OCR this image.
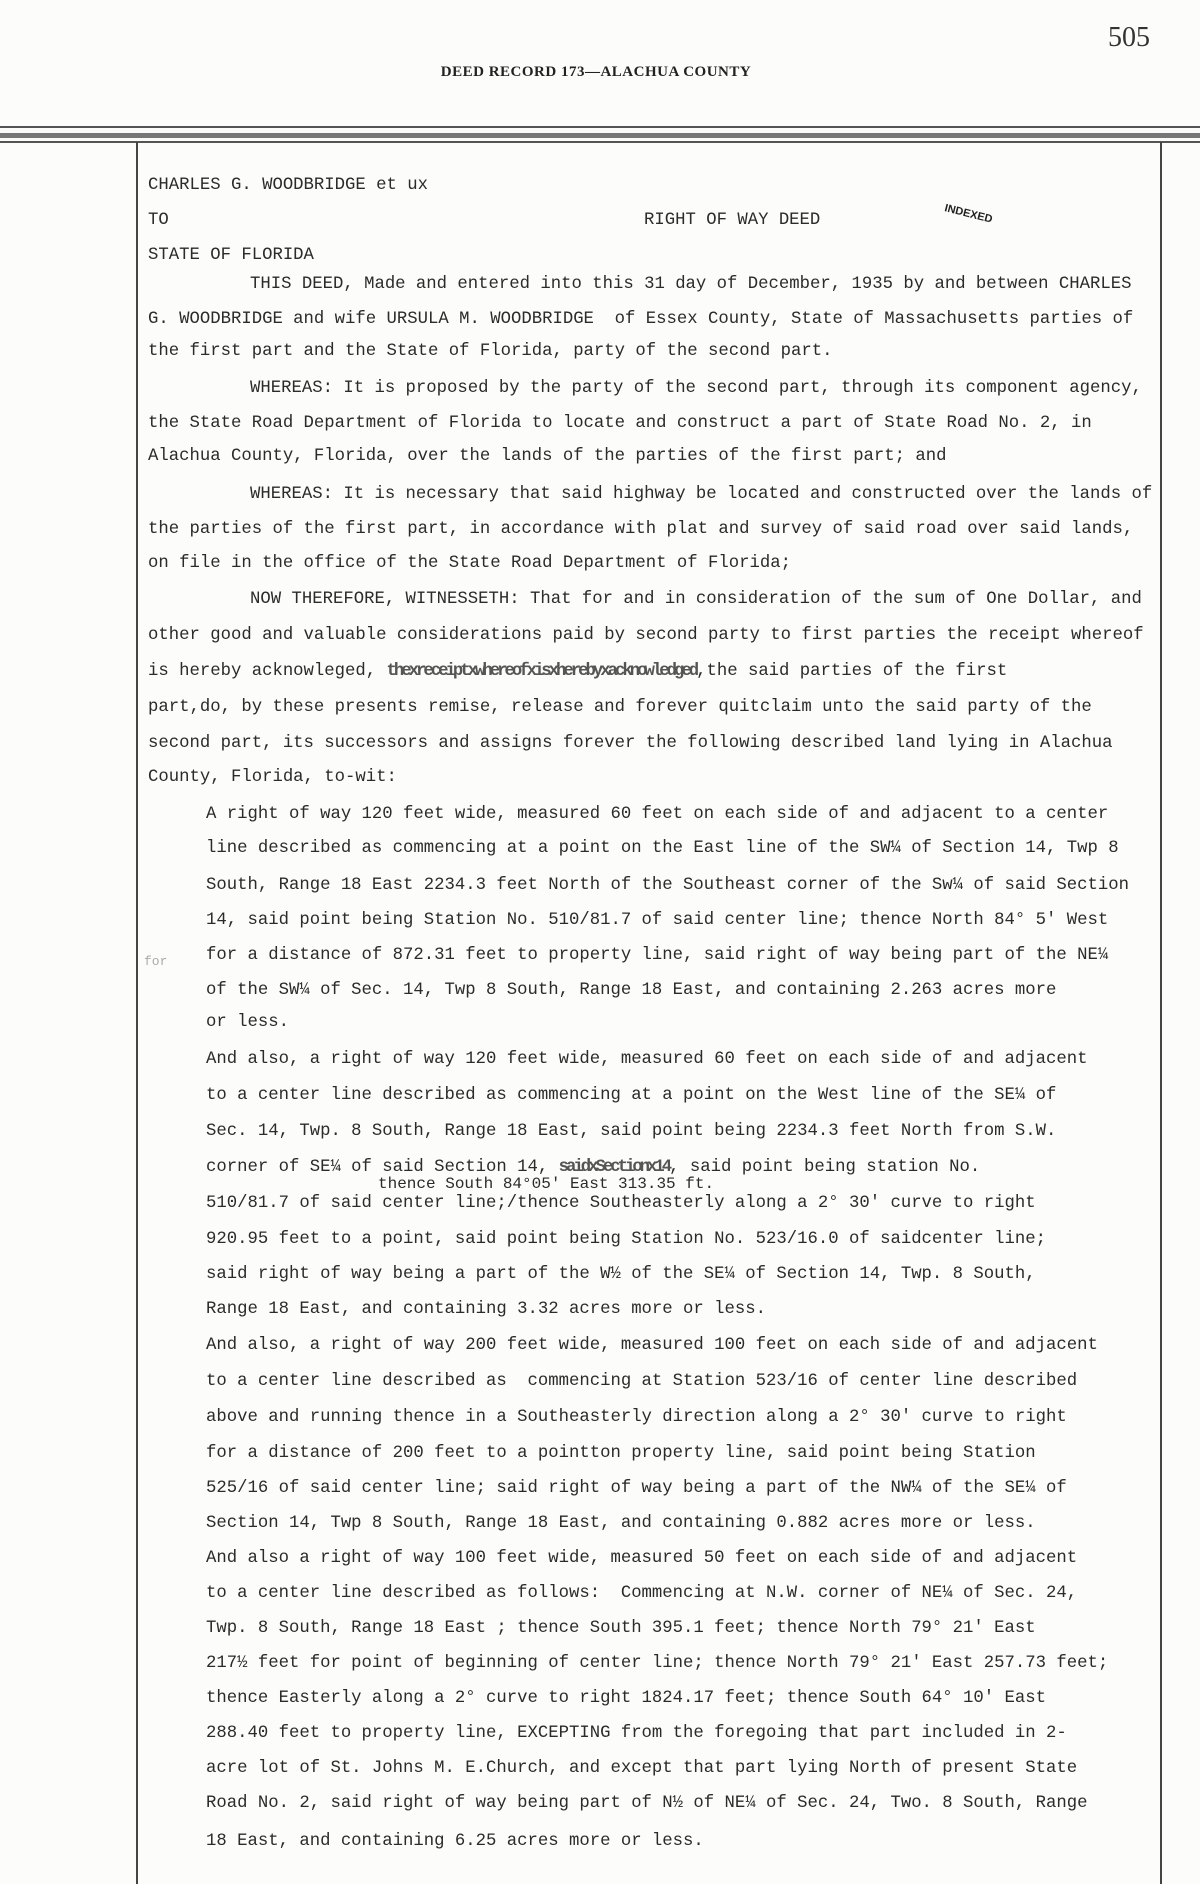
505
DEED RECORD 173—ALACHUA COUNTY
CHARLES G. WOODBRIDGE et ux
TO	RIGHT OF WAY DEED	INDEXED
STATE OF FLORIDA
for
THIS DEED, Made and entered into this 31 day of December, 1935 by and between CHARLES
G. WOODBRIDGE and wife URSULA M. WOODBRIDGE  of Essex County, State of Massachusetts parties of
the first part and the State of Florida, party of the second part.
WHEREAS: It is proposed by the party of the second part, through its component agency,
the State Road Department of Florida to locate and construct a part of State Road No. 2, in
Alachua County, Florida, over the lands of the parties of the first part; and
WHEREAS: It is necessary that said highway be located and constructed over the lands of
the parties of the first part, in accordance with plat and survey of said road over said lands,
on file in the office of the State Road Department of Florida;
NOW THEREFORE, WITNESSETH: That for and in consideration of the sum of One Dollar, and
other good and valuable considerations paid by second party to first parties the receipt whereof
is hereby acknowleged, thexreceiptxwhereofxisxherebyxacknowledged,the said parties of the first
part,do, by these presents remise, release and forever quitclaim unto the said party of the
second part, its successors and assigns forever the following described land lying in Alachua
County, Florida, to-wit:
A right of way 120 feet wide, measured 60 feet on each side of and adjacent to a center
line described as commencing at a point on the East line of the SW¼ of Section 14, Twp 8
South, Range 18 East 2234.3 feet North of the Southeast corner of the Sw¼ of said Section
14, said point being Station No. 510/81.7 of said center line; thence North 84° 5' West
for a distance of 872.31 feet to property line, said right of way being part of the NE¼
of the SW¼ of Sec. 14, Twp 8 South, Range 18 East, and containing 2.263 acres more
or less.
And also, a right of way 120 feet wide, measured 60 feet on each side of and adjacent
to a center line described as commencing at a point on the West line of the SE¼ of
Sec. 14, Twp. 8 South, Range 18 East, said point being 2234.3 feet North from S.W.
corner of SE¼ of said Section 14, saidxSectionx14, said point being station No.
thence South 84°05' East 313.35 ft.
510/81.7 of said center line;/thence Southeasterly along a 2° 30' curve to right
920.95 feet to a point, said point being Station No. 523/16.0 of saidcenter line;
said right of way being a part of the W½ of the SE¼ of Section 14, Twp. 8 South,
Range 18 East, and containing 3.32 acres more or less.
And also, a right of way 200 feet wide, measured 100 feet on each side of and adjacent
to a center line described as  commencing at Station 523/16 of center line described
above and running thence in a Southeasterly direction along a 2° 30' curve to right
for a distance of 200 feet to a pointton property line, said point being Station
525/16 of said center line; said right of way being a part of the NW¼ of the SE¼ of
Section 14, Twp 8 South, Range 18 East, and containing 0.882 acres more or less.
And also a right of way 100 feet wide, measured 50 feet on each side of and adjacent
to a center line described as follows:  Commencing at N.W. corner of NE¼ of Sec. 24,
Twp. 8 South, Range 18 East ; thence South 395.1 feet; thence North 79° 21' East
217½ feet for point of beginning of center line; thence North 79° 21' East 257.73 feet;
thence Easterly along a 2° curve to right 1824.17 feet; thence South 64° 10' East
288.40 feet to property line, EXCEPTING from the foregoing that part included in 2-
acre lot of St. Johns M. E.Church, and except that part lying North of present State
Road No. 2, said right of way being part of N½ of NE¼ of Sec. 24, Two. 8 South, Range
18 East, and containing 6.25 acres more or less.
